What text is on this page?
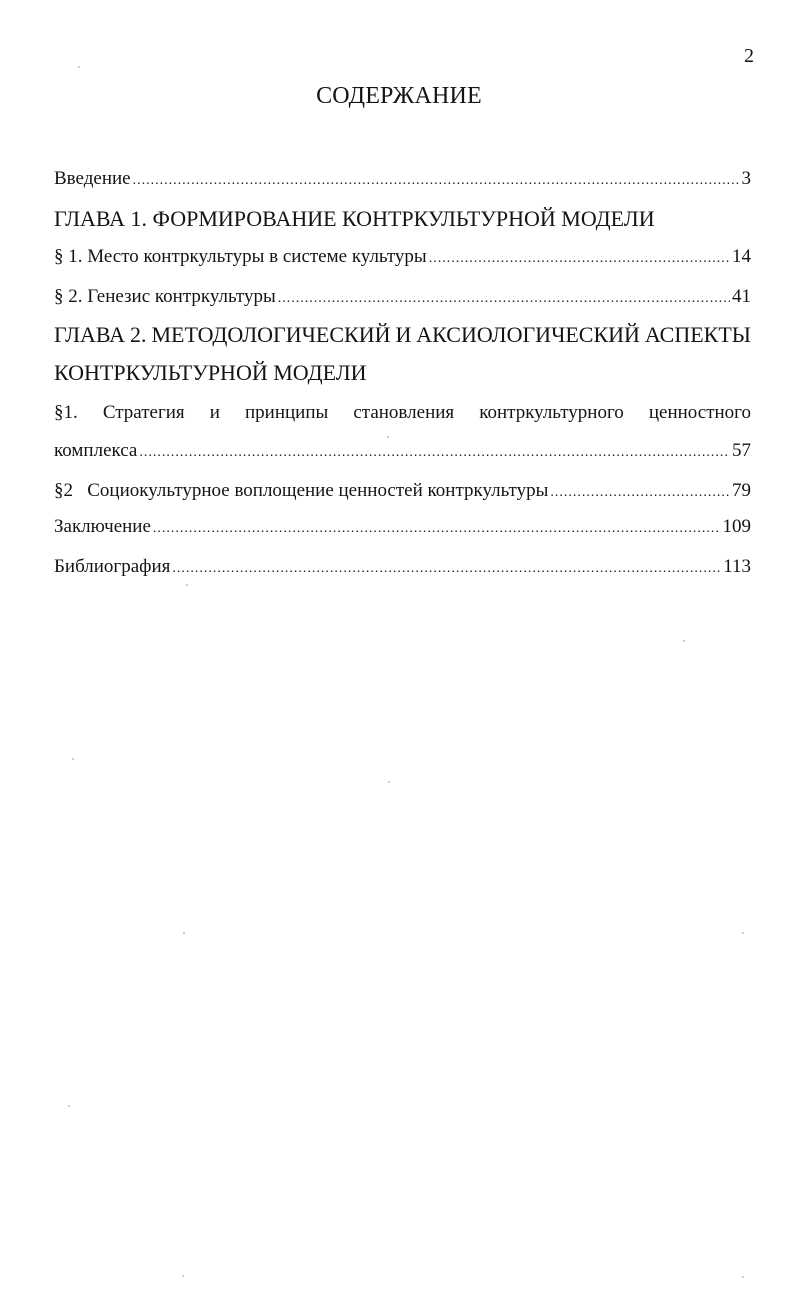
2
СОДЕРЖАНИЕ
Введение .....	3
ГЛАВА 1. ФОРМИРОВАНИЕ КОНТРКУЛЬТУРНОЙ МОДЕЛИ
§ 1. Место контркультуры в системе культуры .....	14
§ 2. Генезис контркультуры .....	41
ГЛАВА 2. МЕТОДОЛОГИЧЕСКИЙ И АКСИОЛОГИЧЕСКИЙ АСПЕКТЫ
КОНТРКУЛЬТУРНОЙ МОДЕЛИ
§1. Стратегия и принципы становления контркультурного ценностного
комплекса .....	57
§2   Социокультурное воплощение ценностей контркультуры .....	79
Заключение .....	109
Библиография .....	113
